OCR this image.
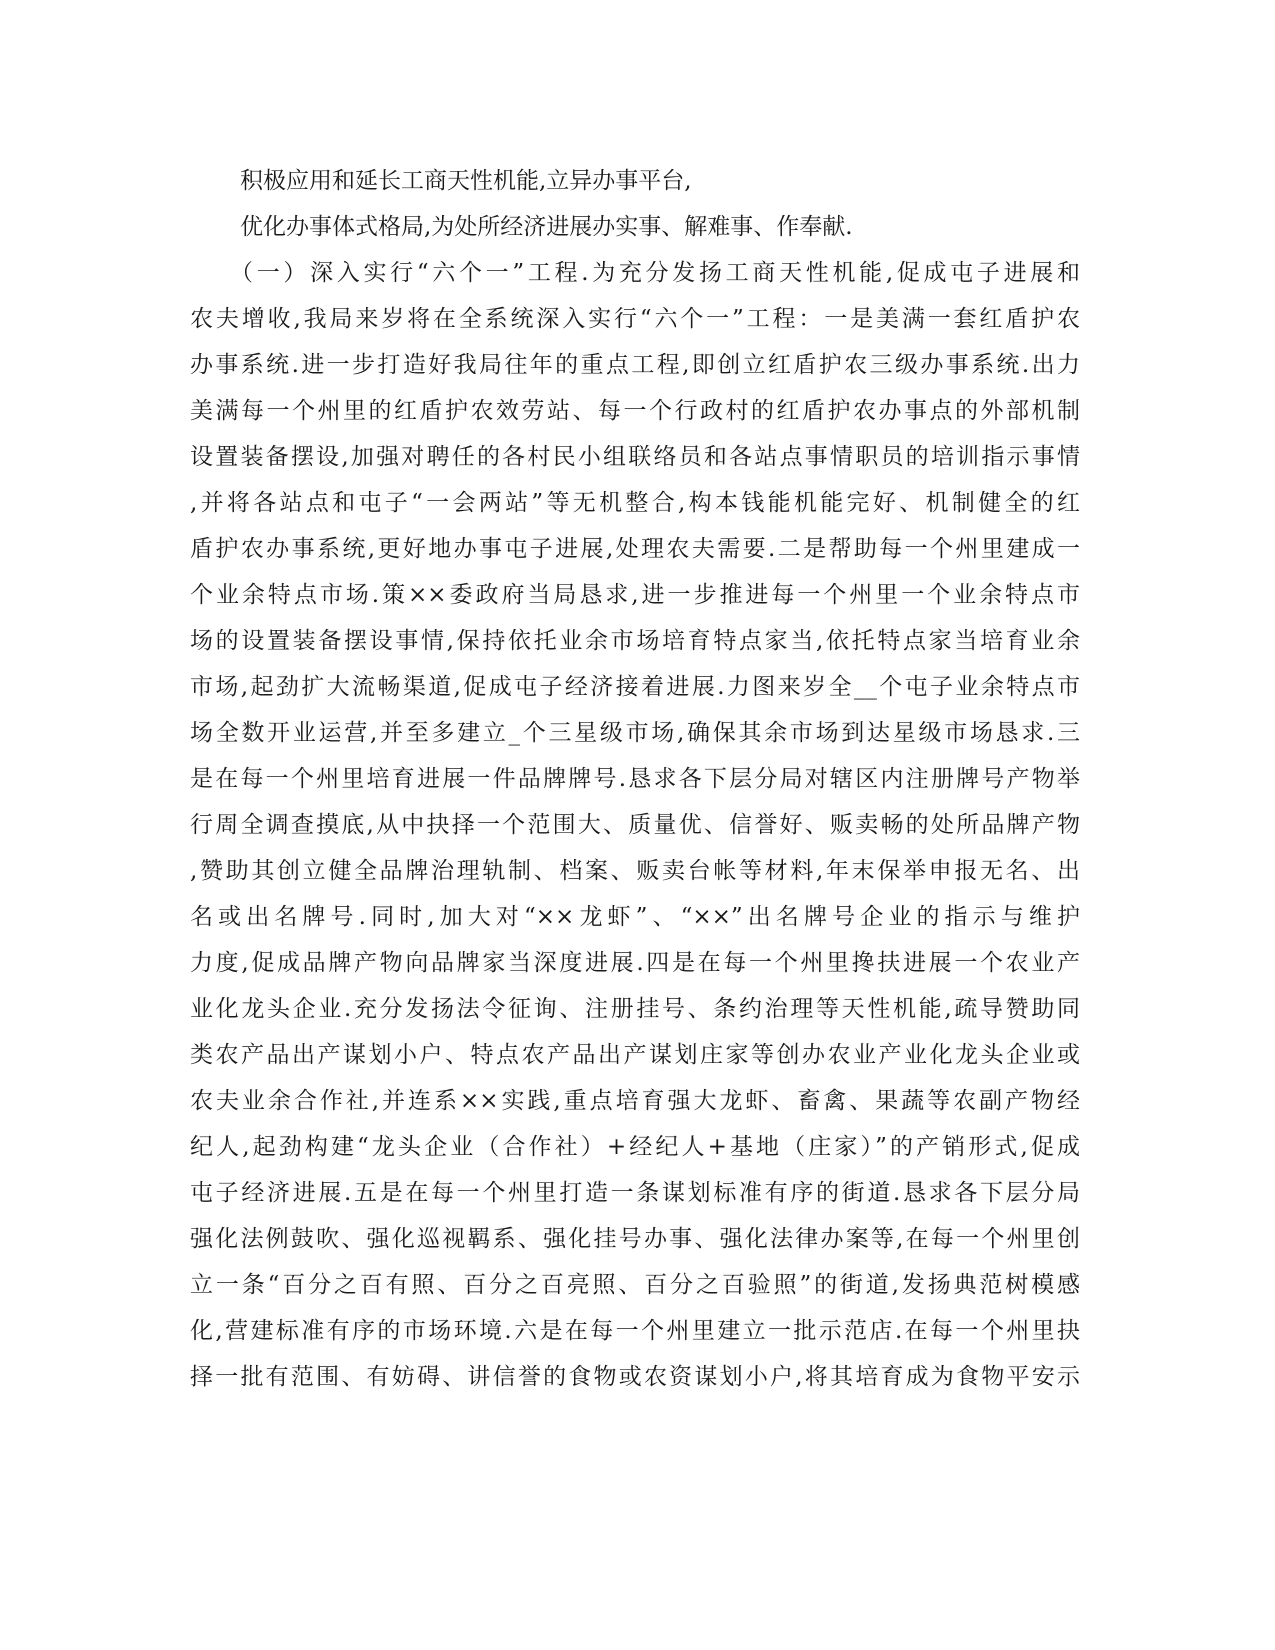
积极应用和延长工商天性机能,立异办事平台,
优化办事体式格局,为处所经济进展办实事、解难事、作奉献.
（一）深入实行“六个一”工程.为充分发扬工商天性机能,促成屯子进展和
农夫增收,我局来岁将在全系统深入实行“六个一”工程：一是美满一套红盾护农
办事系统.进一步打造好我局往年的重点工程,即创立红盾护农三级办事系统.出力
美满每一个州里的红盾护农效劳站、每一个行政村的红盾护农办事点的外部机制
设置装备摆设,加强对聘任的各村民小组联络员和各站点事情职员的培训指示事情
,并将各站点和屯子“一会两站”等无机整合,构本钱能机能完好、机制健全的红
盾护农办事系统,更好地办事屯子进展,处理农夫需要.二是帮助每一个州里建成一
个业余特点市场.策××委政府当局恳求,进一步推进每一个州里一个业余特点市
场的设置装备摆设事情,保持依托业余市场培育特点家当,依托特点家当培育业余
市场,起劲扩大流畅渠道,促成屯子经济接着进展.力图来岁全__个屯子业余特点市
场全数开业运营,并至多建立_个三星级市场,确保其余市场到达星级市场恳求.三
是在每一个州里培育进展一件品牌牌号.恳求各下层分局对辖区内注册牌号产物举
行周全调查摸底,从中抉择一个范围大、质量优、信誉好、贩卖畅的处所品牌产物
,赞助其创立健全品牌治理轨制、档案、贩卖台帐等材料,年末保举申报无名、出
名或出名牌号.同时,加大对“××龙虾”、“××”出名牌号企业的指示与维护
力度,促成品牌产物向品牌家当深度进展.四是在每一个州里搀扶进展一个农业产
业化龙头企业.充分发扬法令征询、注册挂号、条约治理等天性机能,疏导赞助同
类农产品出产谋划小户、特点农产品出产谋划庄家等创办农业产业化龙头企业或
农夫业余合作社,并连系××实践,重点培育强大龙虾、畜禽、果蔬等农副产物经
纪人,起劲构建“龙头企业（合作社）+经纪人+基地（庄家）”的产销形式,促成
屯子经济进展.五是在每一个州里打造一条谋划标准有序的街道.恳求各下层分局
强化法例鼓吹、强化巡视羁系、强化挂号办事、强化法律办案等,在每一个州里创
立一条“百分之百有照、百分之百亮照、百分之百验照”的街道,发扬典范树模感
化,营建标准有序的市场环境.六是在每一个州里建立一批示范店.在每一个州里抉
择一批有范围、有妨碍、讲信誉的食物或农资谋划小户,将其培育成为食物平安示
